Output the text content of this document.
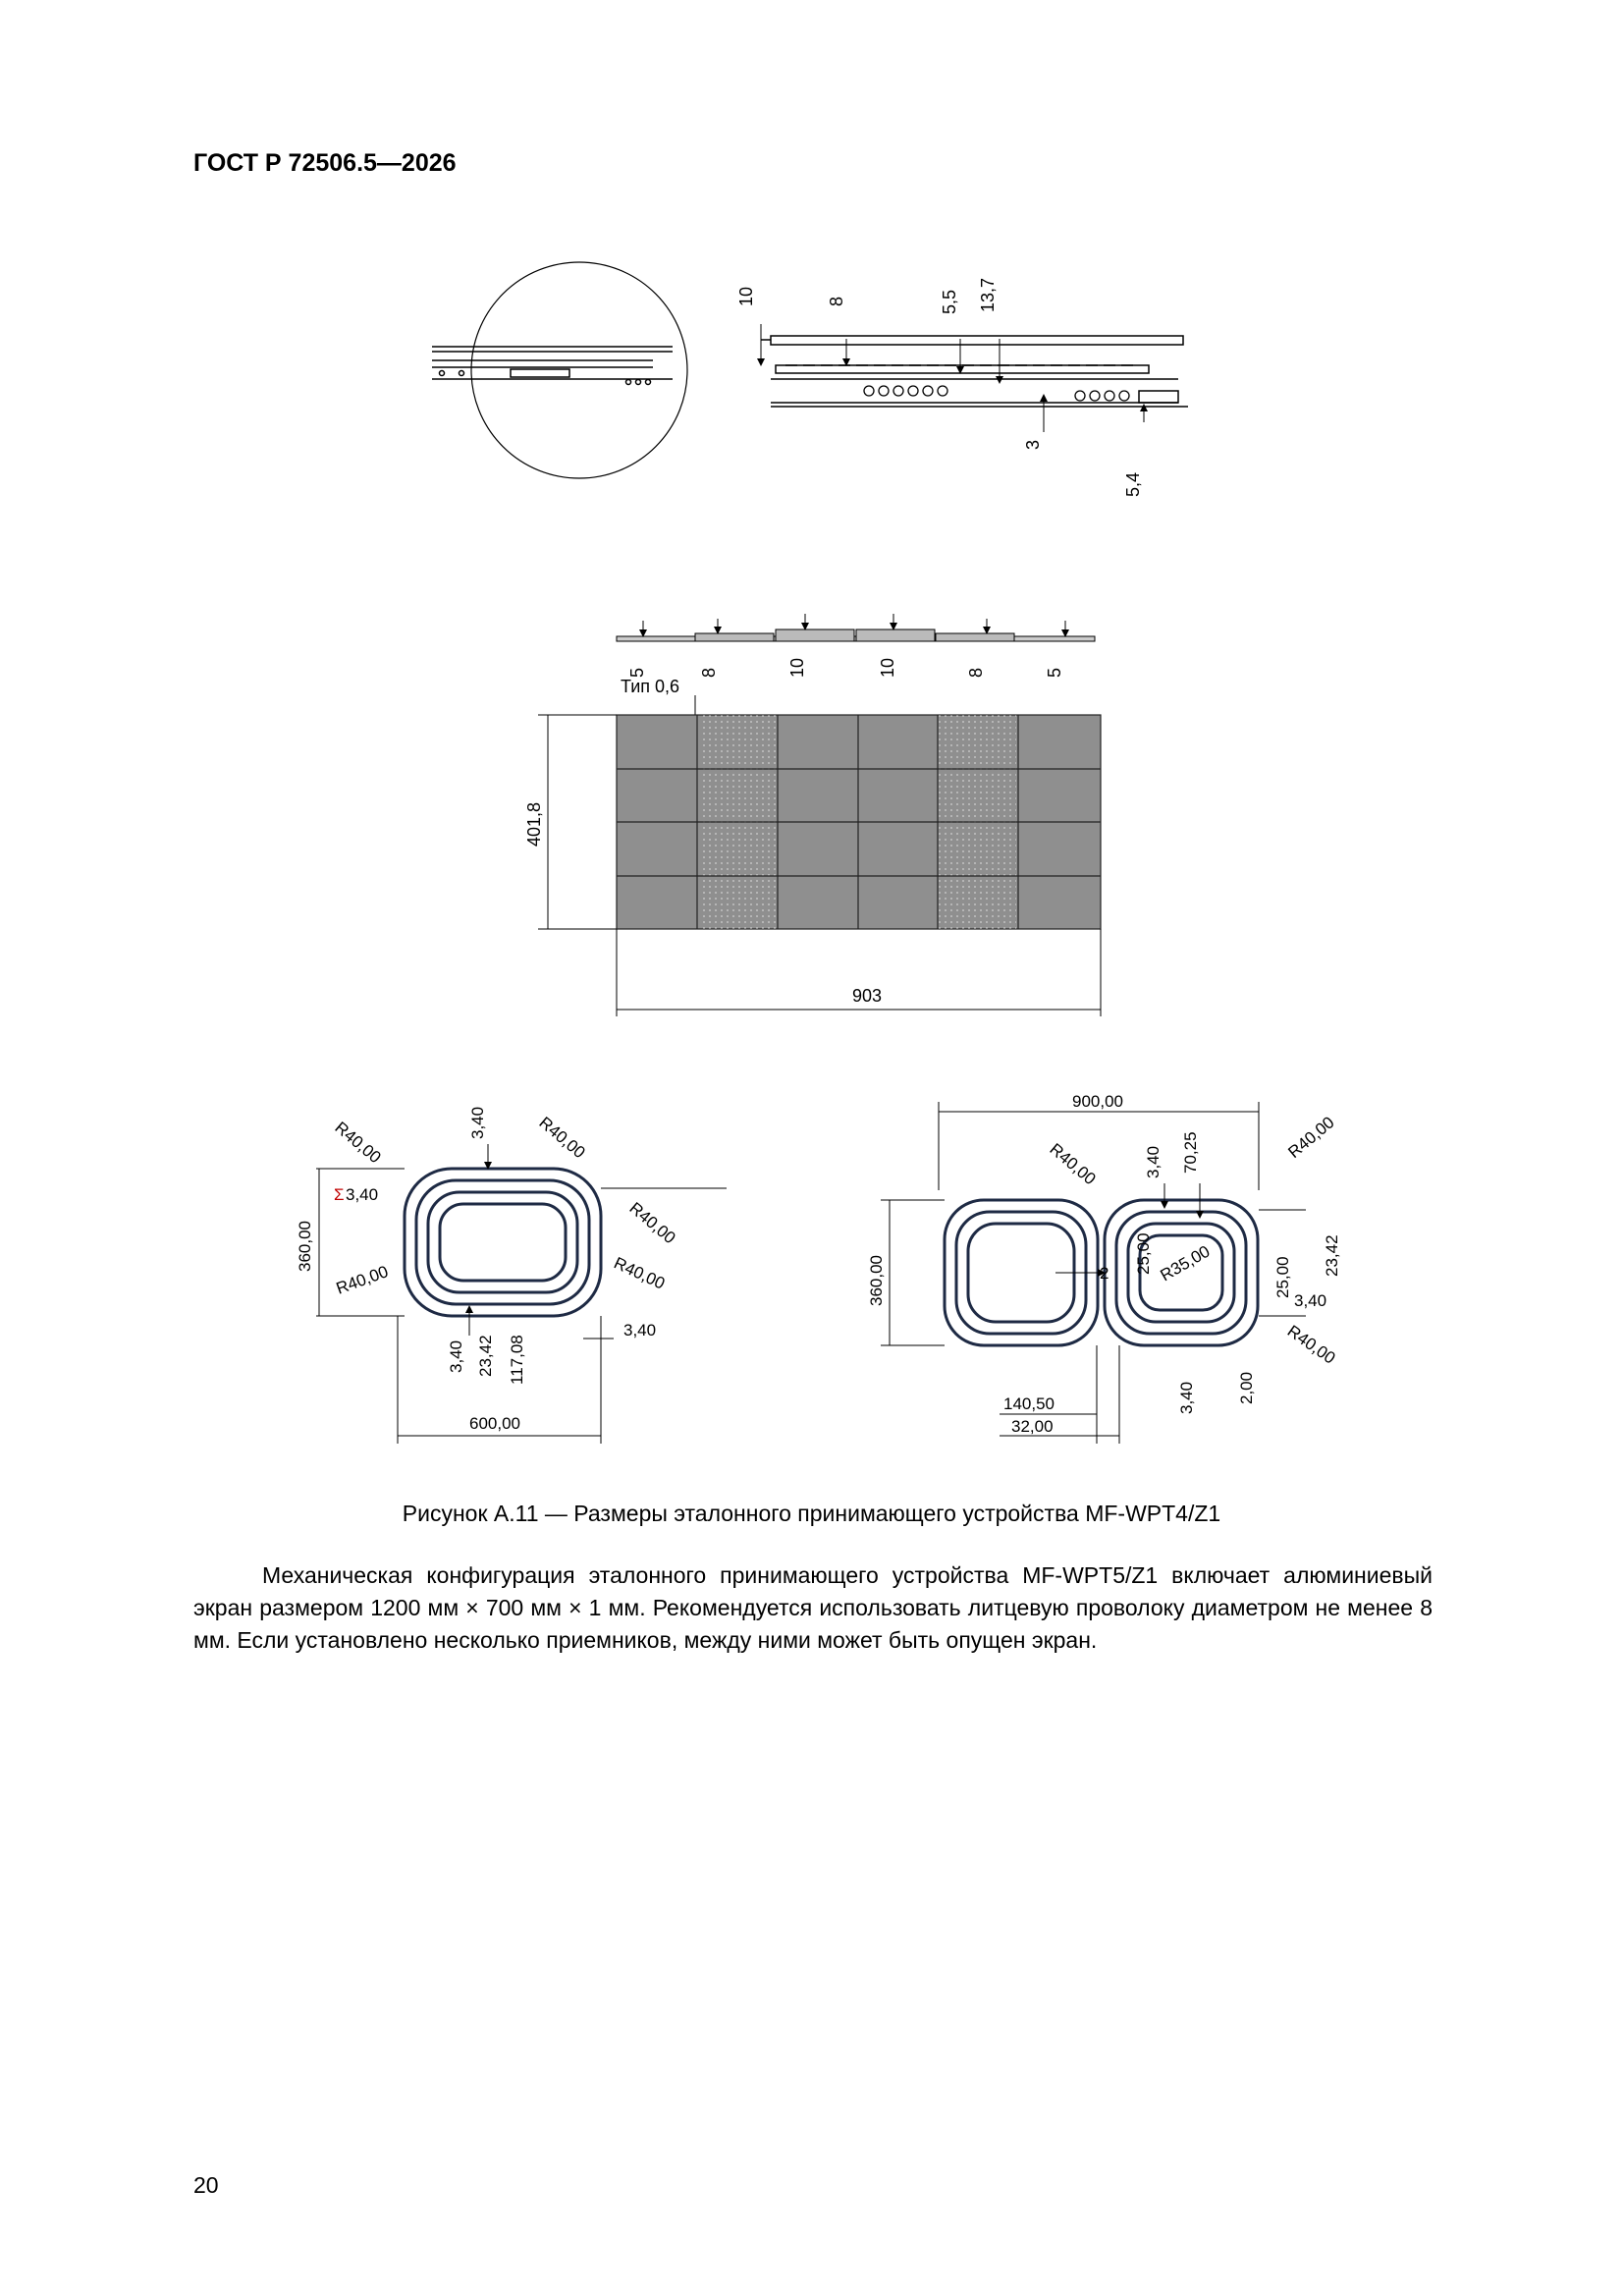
ГОСТ Р 72506.5—2026
10	8	5,5 13,7
3
5,4
5	8	10	10	8	5
Тип 0,6
401,8
903
R40,00	3,40	R40,00
Σ 3,40
R40,00
R40,00	R40,00
360,00
3,40
3,40 23,42 117,08
600,00
900,00
R40,00	3,40 70,25	R40,00
25,00 R35,00	25,00
23,42
3,40
R40,00
360,00
140,50
32,00
3,40 2,00
2
Рисунок А.11 — Размеры эталонного принимающего устройства MF-WPT4/Z1
Механическая конфигурация эталонного принимающего устройства MF-WPT5/Z1 включает алюминиевый экран размером 1200 мм × 700 мм × 1 мм. Рекомендуется использовать литцевую проволоку диаметром не менее 8 мм. Если установлено несколько приемников, между ними может быть опущен экран.
20
